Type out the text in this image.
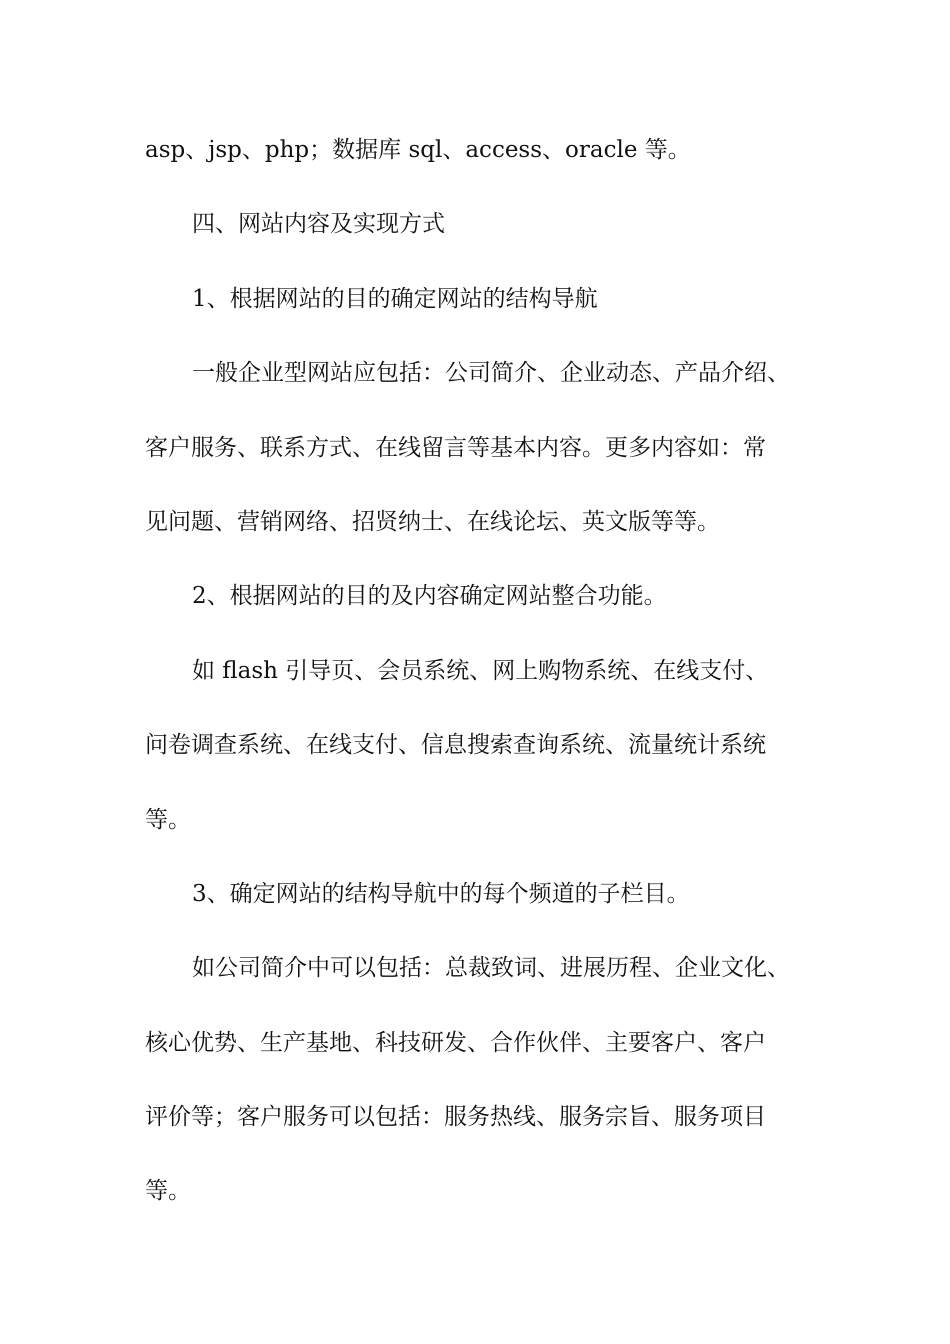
asp、jsp、php；数据库 sql、access、oracle 等。
四、网站内容及实现方式
1、根据网站的目的确定网站的结构导航
一般企业型网站应包括：公司简介、企业动态、产品介绍、
客户服务、联系方式、在线留言等基本内容。更多内容如：常
见问题、营销网络、招贤纳士、在线论坛、英文版等等。
2、根据网站的目的及内容确定网站整合功能。
如 flash 引导页、会员系统、网上购物系统、在线支付、
问卷调查系统、在线支付、信息搜索查询系统、流量统计系统
等。
3、确定网站的结构导航中的每个频道的子栏目。
如公司简介中可以包括：总裁致词、进展历程、企业文化、
核心优势、生产基地、科技研发、合作伙伴、主要客户、客户
评价等；客户服务可以包括：服务热线、服务宗旨、服务项目
等。
